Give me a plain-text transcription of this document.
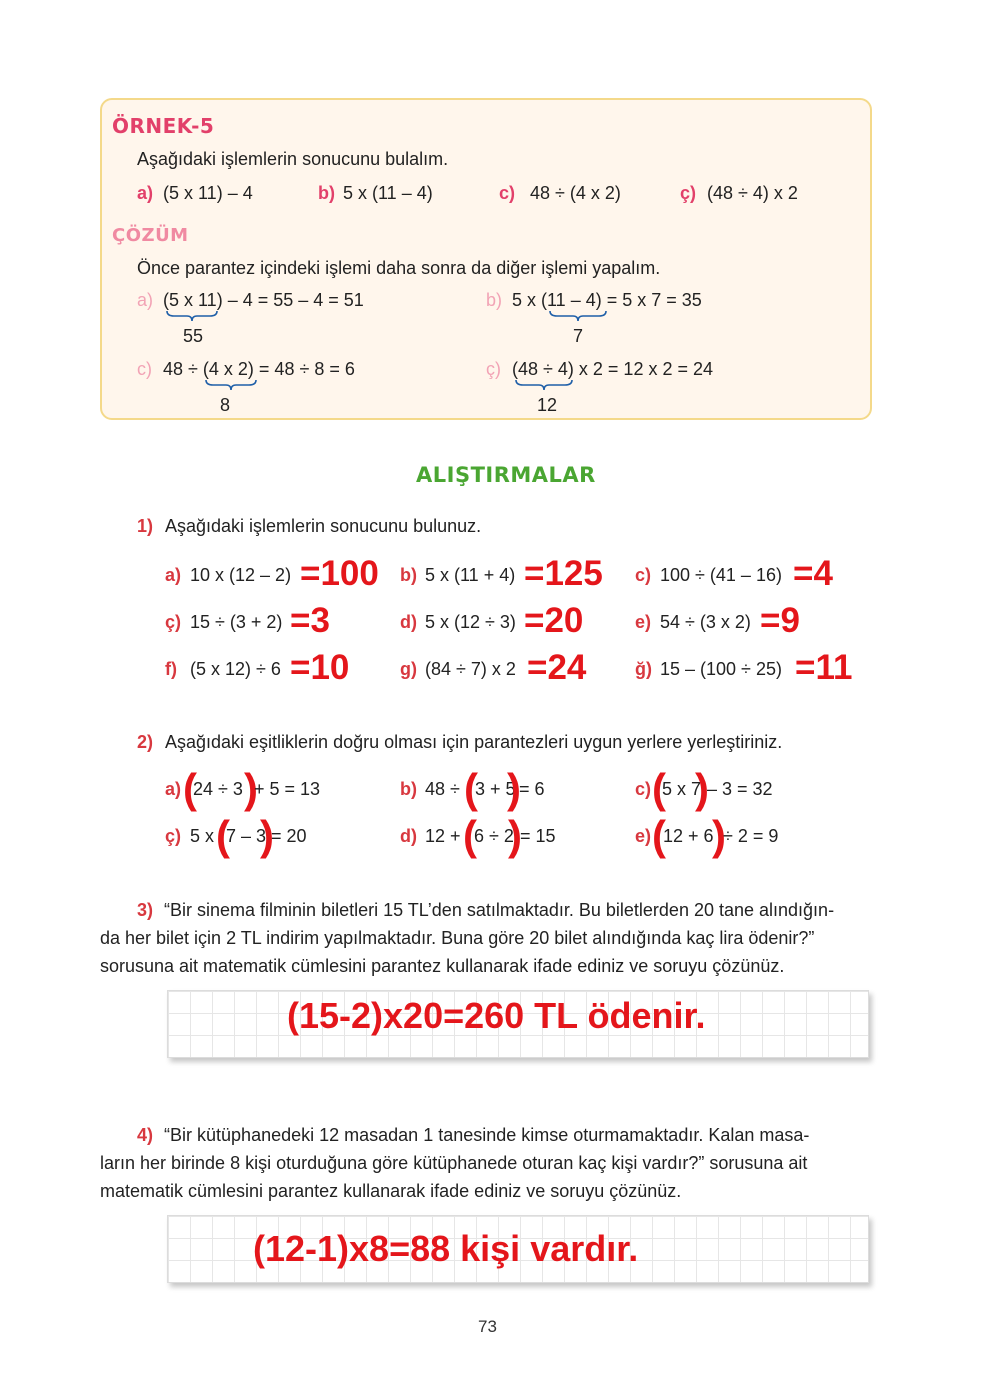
ÖRNEK-5
Aşağıdaki işlemlerin sonucunu bulalım.
a) (5 x 11) – 4	b) 5 x (11 – 4)	c) 48 ÷ (4 x 2)	ç) (48 ÷ 4) x 2
ÇÖZÜM
Önce parantez içindeki işlemi daha sonra da diğer işlemi yapalım.
a) (5 x 11) – 4 = 55 – 4 = 51
55
b) 5 x (11 – 4) = 5 x 7 = 35
7
c) 48 ÷ (4 x 2) = 48 ÷ 8 = 6
8
ç) (48 ÷ 4) x 2 = 12 x 2 = 24
12
ALIŞTIRMALAR
1) Aşağıdaki işlemlerin sonucunu bulunuz.
a) 10 x (12 – 2) =100 b) 5 x (11 + 4) =125 c) 100 ÷ (41 – 16) =4
ç) 15 ÷ (3 + 2) =3	d) 5 x (12 ÷ 3) =20	e) 54 ÷ (3 x 2) =9
f) (5 x 12) ÷ 6 =10	g) (84 ÷ 7) x 2 =24	ğ) 15 – (100 ÷ 25) =11
2) Aşağıdaki eşitliklerin doğru olması için parantezleri uygun yerlere yerleştiriniz.
a) (
24 ÷ 3 )
+ 5 = 13	b) 48 ÷ (
3 + 5
)
= 6	c) (
5 x 7
)
– 3 = 32
ç) 5 x (
7 – 3
)
= 20	d) 12 + (
6 ÷ 2
)
= 15	e) (
12 + 6
)
÷ 2 = 9
3) “Bir sinema filminin biletleri 15 TL’den satılmaktadır. Bu biletlerden 20 tane alındığın-
da her bilet için 2 TL indirim yapılmaktadır. Buna göre 20 bilet alındığında kaç lira ödenir?”
sorusuna ait matematik cümlesini parantez kullanarak ifade ediniz ve soruyu çözünüz.
(15-2)x20=260 TL ödenir.
4) “Bir kütüphanedeki 12 masadan 1 tanesinde kimse oturmamaktadır. Kalan masa-
ların her birinde 8 kişi oturduğuna göre kütüphanede oturan kaç kişi vardır?” sorusuna ait
matematik cümlesini parantez kullanarak ifade ediniz ve soruyu çözünüz.
(12-1)x8=88 kişi vardır.
73
